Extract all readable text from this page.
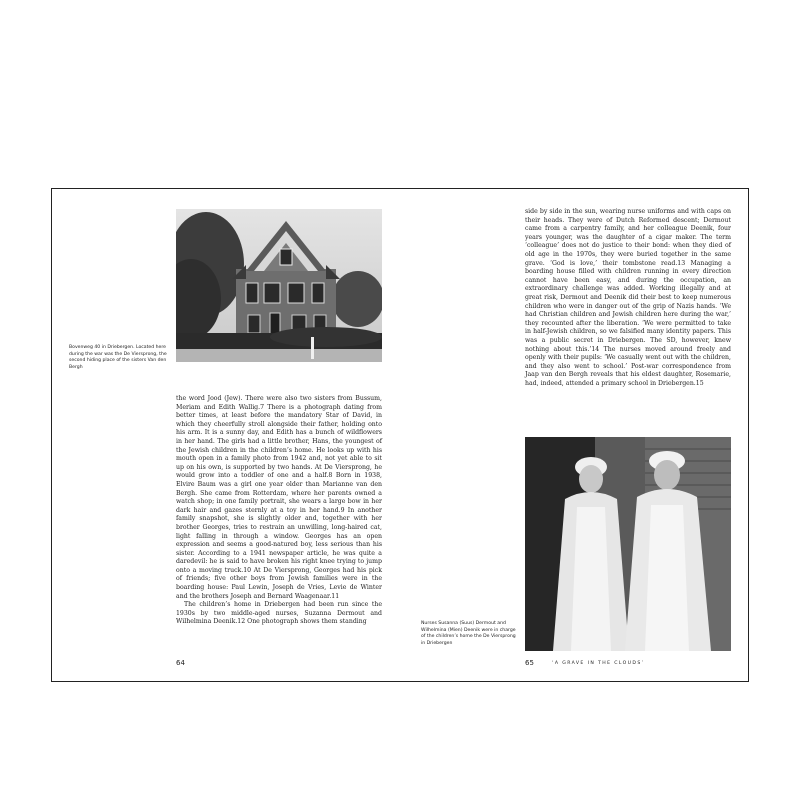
Bovenweg 40 in Driebergen. Located here during the war was the De Viersprong, the second hiding place of the sisters Van den Bergh

the word Jood (Jew). There were also two sisters from Bussum, Meriam and Edith Wallig.7 There is a photograph dating from better times, at least before the mandatory Star of David, in which they cheerfully stroll alongside their father, holding onto his arm. It is a sunny day, and Edith has a bunch of wildflowers in her hand. The girls had a little brother, Hans, the youngest of the Jewish children in the children’s home. He looks up with his mouth open in a family photo from 1942 and, not yet able to sit up on his own, is supported by two hands. At De Viersprong, he would grow into a toddler of one and a half.8 Born in 1938, Elvire Baum was a girl one year older than Marianne van den Bergh. She came from Rotterdam, where her parents owned a watch shop; in one family portrait, she wears a large bow in her dark hair and gazes sternly at a toy in her hand.9 In another family snapshot, she is slightly older and, together with her brother Georges, tries to restrain an unwilling, long-haired cat, light falling in through a window. Georges has an open expression and seems a good-natured boy, less serious than his sister. According to a 1941 newspaper article, he was quite a daredevil: he is said to have broken his right knee trying to jump onto a moving truck.10 At De Viersprong, Georges had his pick of friends; five other boys from Jewish families were in the boarding house: Paul Lewin, Joseph de Vries, Levie de Winter and the brothers Joseph and Bernard Waagenaar.11

The children’s home in Driebergen had been run since the 1930s by two middle-aged nurses, Suzanna Dermout and Wilhelmina Deenik.12 One photograph shows them standing

64

side by side in the sun, wearing nurse uniforms and with caps on their heads. They were of Dutch Reformed descent; Dermout came from a carpentry family, and her colleague Deenik, four years younger, was the daughter of a cigar maker. The term ‘colleague’ does not do justice to their bond: when they died of old age in the 1970s, they were buried together in the same grave. ‘God is love,’ their tombstone read.13 Managing a boarding house filled with children running in every direction cannot have been easy, and during the occupation, an extraordinary challenge was added. Working illegally and at great risk, Dermout and Deenik did their best to keep numerous children who were in danger out of the grip of Nazis hands. ‘We had Christian children and Jewish children here during the war,’ they recounted after the liberation. ‘We were permitted to take in half-Jewish children, so we falsified many identity papers. This was a public secret in Driebergen. The SD, however, knew nothing about this.’14 The nurses moved around freely and openly with their pupils: ‘We casually went out with the children, and they also went to school.’ Post-war correspondence from Jaap van den Bergh reveals that his eldest daughter, Rosemarie, had, indeed, attended a primary school in Driebergen.15

Nurses Susanna (Suus) Dermout and Wilhelmina (Mien) Deenik were in charge of the children’s home the De Viersprong in Driebergen
65	‘A GRAVE IN THE CLOUDS’
